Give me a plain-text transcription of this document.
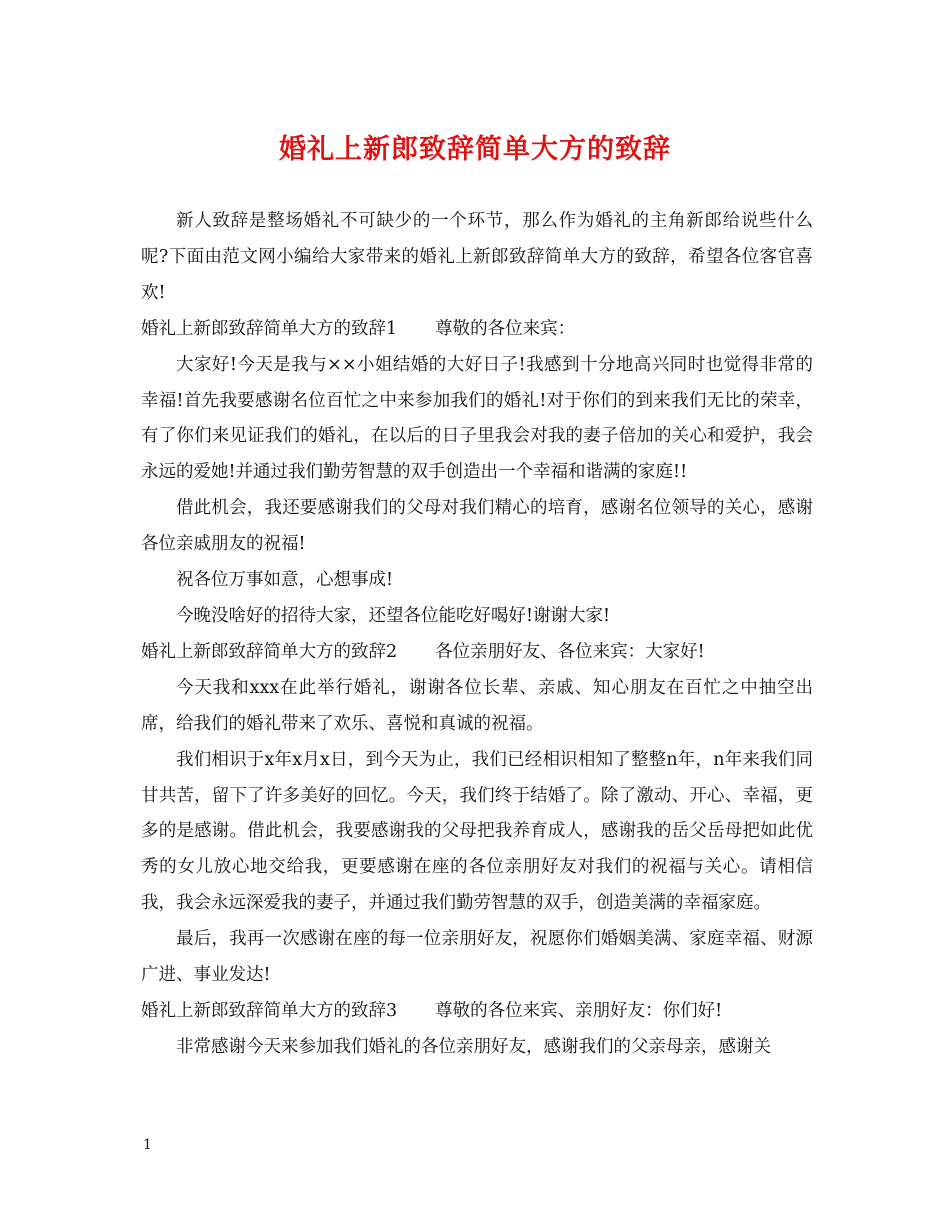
婚礼上新郎致辞简单大方的致辞

新人致辞是整场婚礼不可缺少的一个环节，那么作为婚礼的主角新郎给说些什么呢?下面由范文网小编给大家带来的婚礼上新郎致辞简单大方的致辞，希望各位客官喜欢!

婚礼上新郎致辞简单大方的致辞1 尊敬的各位来宾：

大家好!今天是我与××小姐结婚的大好日子!我感到十分地高兴同时也觉得非常的幸福!首先我要感谢名位百忙之中来参加我们的婚礼!对于你们的到来我们无比的荣幸，有了你们来见证我们的婚礼，在以后的日子里我会对我的妻子倍加的关心和爱护，我会永远的爱她!并通过我们勤劳智慧的双手创造出一个幸福和谐满的家庭!!

借此机会，我还要感谢我们的父母对我们精心的培育，感谢名位领导的关心，感谢各位亲戚朋友的祝福!

祝各位万事如意，心想事成!

今晚没啥好的招待大家，还望各位能吃好喝好!谢谢大家!

婚礼上新郎致辞简单大方的致辞2 各位亲朋好友、各位来宾：大家好!

今天我和xxx在此举行婚礼，谢谢各位长辈、亲戚、知心朋友在百忙之中抽空出席，给我们的婚礼带来了欢乐、喜悦和真诚的祝福。

我们相识于x年x月x日，到今天为止，我们已经相识相知了整整n年，n年来我们同甘共苦，留下了许多美好的回忆。今天，我们终于结婚了。除了激动、开心、幸福，更多的是感谢。借此机会，我要感谢我的父母把我养育成人，感谢我的岳父岳母把如此优秀的女儿放心地交给我，更要感谢在座的各位亲朋好友对我们的祝福与关心。请相信我，我会永远深爱我的妻子，并通过我们勤劳智慧的双手，创造美满的幸福家庭。

最后，我再一次感谢在座的每一位亲朋好友，祝愿你们婚姻美满、家庭幸福、财源广进、事业发达!

婚礼上新郎致辞简单大方的致辞3 尊敬的各位来宾、亲朋好友：你们好!

非常感谢今天来参加我们婚礼的各位亲朋好友，感谢我们的父亲母亲，感谢关

1
